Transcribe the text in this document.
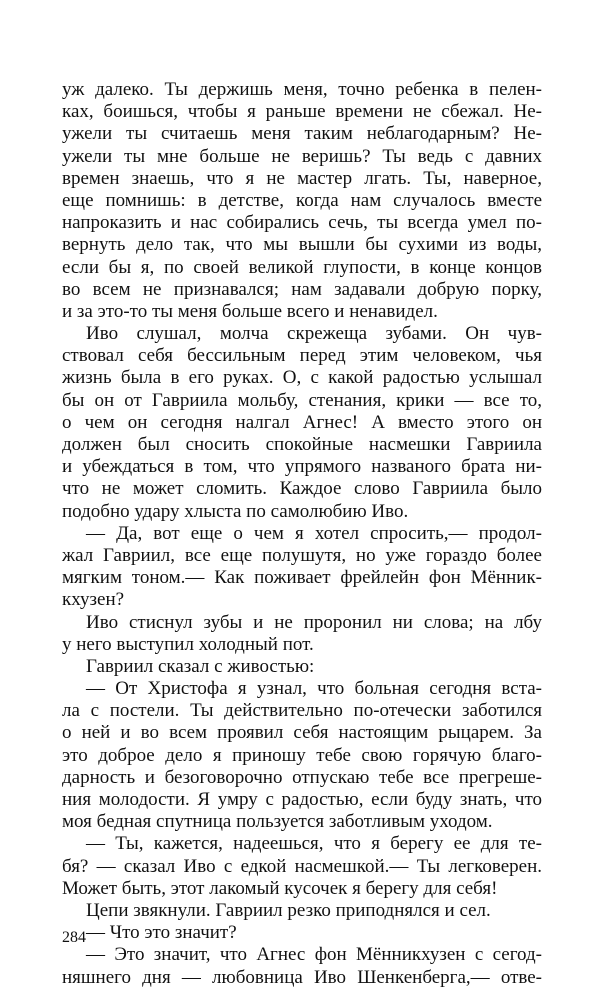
уж далеко. Ты держишь меня, точно ребенка в пелен-
ках, боишься, чтобы я раньше времени не сбежал. Не-
ужели ты считаешь меня таким неблагодарным? Не-
ужели ты мне больше не веришь? Ты ведь с давних
времен знаешь, что я не мастер лгать. Ты, наверное,
еще помнишь: в детстве, когда нам случалось вместе
напроказить и нас собирались сечь, ты всегда умел по-
вернуть дело так, что мы вышли бы сухими из воды,
если бы я, по своей великой глупости, в конце концов
во всем не признавался; нам задавали добрую порку,
и за это-то ты меня больше всего и ненавидел.
Иво слушал, молча скрежеща зубами. Он чув-
ствовал себя бессильным перед этим человеком, чья
жизнь была в его руках. О, с какой радостью услышал
бы он от Гавриила мольбу, стенания, крики — все то,
о чем он сегодня налгал Агнес! А вместо этого он
должен был сносить спокойные насмешки Гавриила
и убеждаться в том, что упрямого названого брата ни-
что не может сломить. Каждое слово Гавриила было
подобно удару хлыста по самолюбию Иво.
— Да, вот еще о чем я хотел спросить,— продол-
жал Гавриил, все еще полушутя, но уже гораздо более
мягким тоном.— Как поживает фрейлейн фон Мённик-
кхузен?
Иво стиснул зубы и не проронил ни слова; на лбу
у него выступил холодный пот.
Гавриил сказал с живостью:
— От Христофа я узнал, что больная сегодня вста-
ла с постели. Ты действительно по-отечески заботился
о ней и во всем проявил себя настоящим рыцарем. За
это доброе дело я приношу тебе свою горячую благо-
дарность и безоговорочно отпускаю тебе все прегреше-
ния молодости. Я умру с радостью, если буду знать, что
моя бедная спутница пользуется заботливым уходом.
— Ты, кажется, надеешься, что я берегу ее для те-
бя? — сказал Иво с едкой насмешкой.— Ты легковерен.
Может быть, этот лакомый кусочек я берегу для себя!
Цепи звякнули. Гавриил резко приподнялся и сел.
— Что это значит?
— Это значит, что Агнес фон Мённикхузен с сегод-
няшнего дня — любовница Иво Шенкенберга,— отве-
284
